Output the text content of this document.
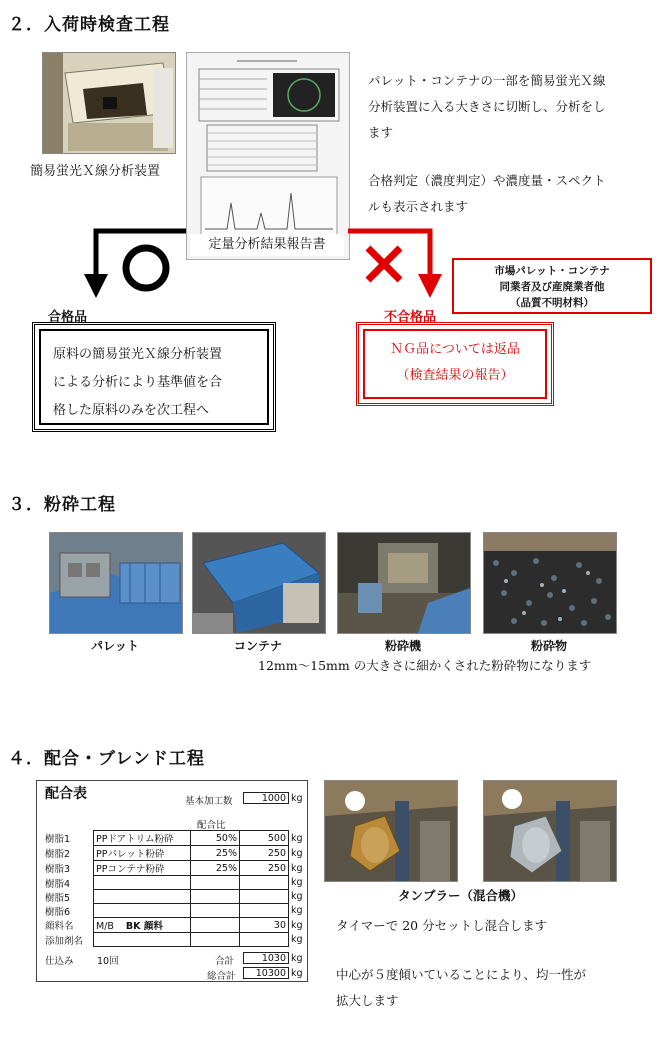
２．入荷時検査工程
簡易蛍光Ｘ線分析装置
定量分析結果報告書
パレット・コンテナの一部を簡易蛍光Ｘ線
分析装置に入る大きさに切断し、分析をし
ます
合格判定（濃度判定）や濃度量・スペクト
ルも表示されます
市場パレット・コンテナ
同業者及び産廃業者他
（品質不明材料）
合格品	不合格品
原料の簡易蛍光Ｘ線分析装置
による分析により基準値を合
格した原料のみを次工程へ
ＮＧ品については返品
（検査結果の報告）
３．粉砕工程
パレット	コンテナ	粉砕機	粉砕物
12mm～15mm の大きさに細かくされた粉砕物になります
４．配合・ブレンド工程
配合表	基本加工数	1000 kg
配合比
樹脂1	PPドアトリム粉砕	50%	500	kg
樹脂2	PPパレット粉砕	25%	250	kg
樹脂3	PPコンテナ粉砕	25%	250	kg
樹脂4				kg
樹脂5				kg
樹脂6				kg
顔料名	M/B BK 顔料		30	kg
添加剤名				kg
仕込み 10回	合計	1030 kg
総合計	10300 kg
タンブラー（混合機）
タイマーで 20 分セットし混合します
中心が５度傾いていることにより、均一性が
拡大します
